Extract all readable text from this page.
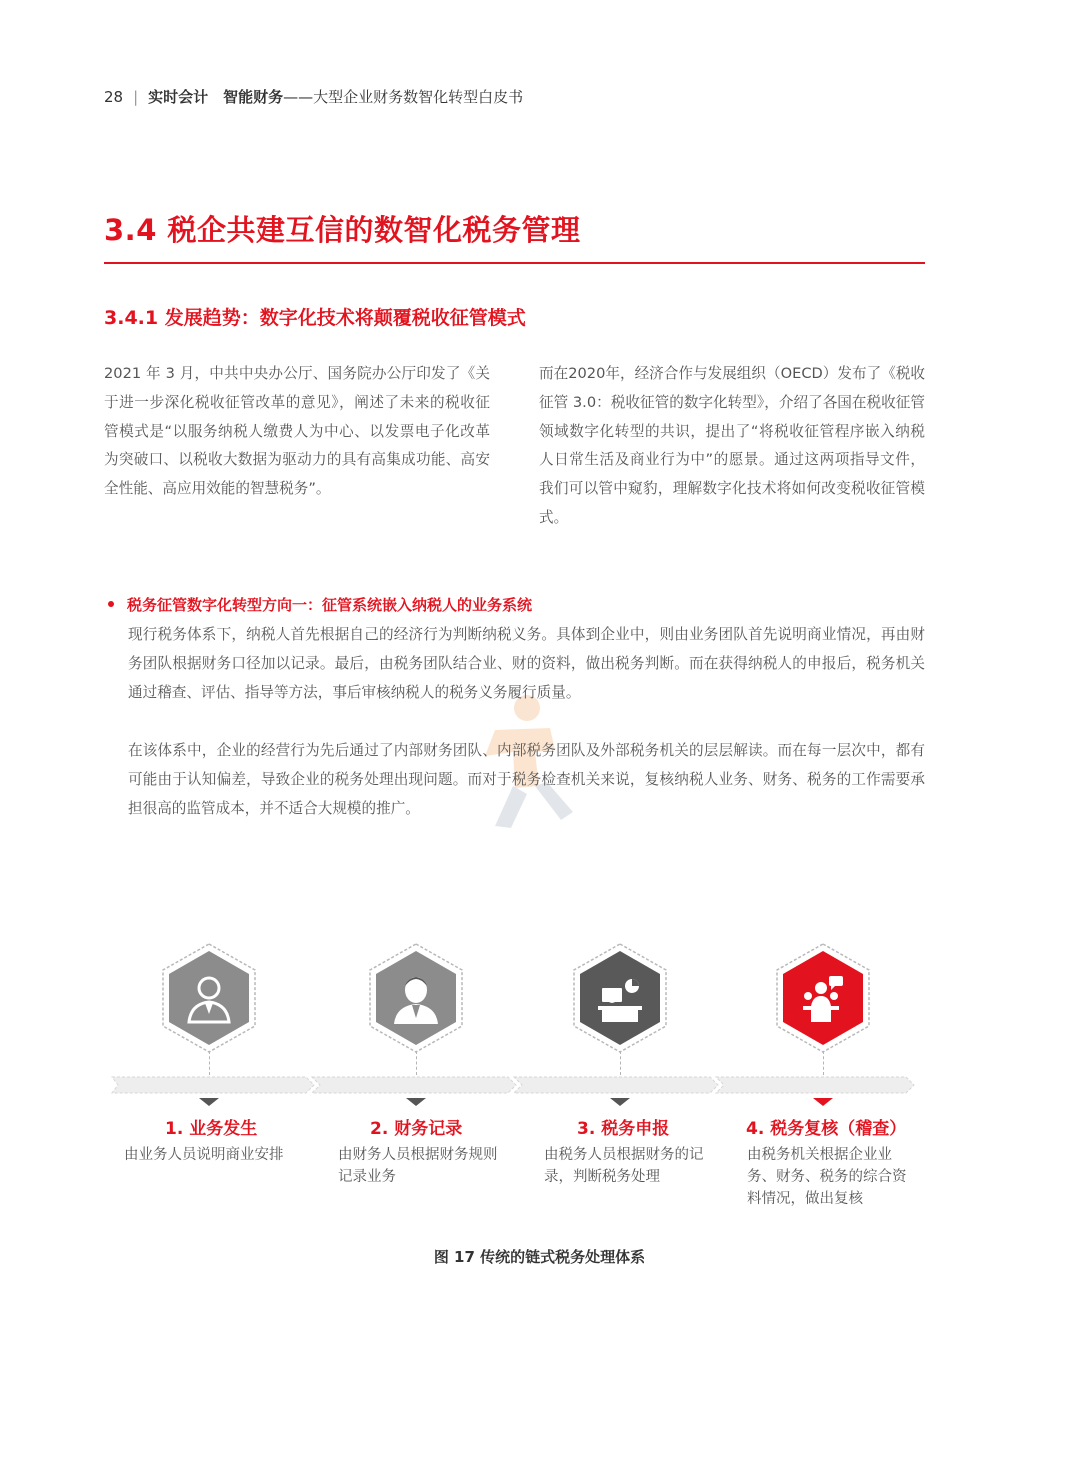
28 | 实时会计　智能财务——大型企业财务数智化转型白皮书
3.4 税企共建互信的数智化税务管理
3.4.1 发展趋势：数字化技术将颠覆税收征管模式
2021 年 3 月，中共中央办公厅、国务院办公厅印发了《关于进一步深化税收征管改革的意见》，阐述了未来的税收征管模式是“以服务纳税人缴费人为中心、以发票电子化改革为突破口、以税收大数据为驱动力的具有高集成功能、高安全性能、高应用效能的智慧税务”。
而在2020年，经济合作与发展组织（OECD）发布了《税收征管 3.0：税收征管的数字化转型》，介绍了各国在税收征管领域数字化转型的共识，提出了“将税收征管程序嵌入纳税人日常生活及商业行为中”的愿景。通过这两项指导文件，我们可以管中窥豹，理解数字化技术将如何改变税收征管模式。
税务征管数字化转型方向一：征管系统嵌入纳税人的业务系统
现行税务体系下，纳税人首先根据自己的经济行为判断纳税义务。具体到企业中，则由业务团队首先说明商业情况，再由财务团队根据财务口径加以记录。最后，由税务团队结合业、财的资料，做出税务判断。而在获得纳税人的申报后，税务机关通过稽查、评估、指导等方法，事后审核纳税人的税务义务履行质量。
在该体系中，企业的经营行为先后通过了内部财务团队、内部税务团队及外部税务机关的层层解读。而在每一层次中，都有可能由于认知偏差，导致企业的税务处理出现问题。而对于税务检查机关来说，复核纳税人业务、财务、税务的工作需要承担很高的监管成本，并不适合大规模的推广。
1. 业务发生
由业务人员说明商业安排
2. 财务记录
由财务人员根据财务规则记录业务
3. 税务申报
由税务人员根据财务的记录，判断税务处理
4. 税务复核（稽查）
由税务机关根据企业业务、财务、税务的综合资料情况，做出复核
图 17 传统的链式税务处理体系
